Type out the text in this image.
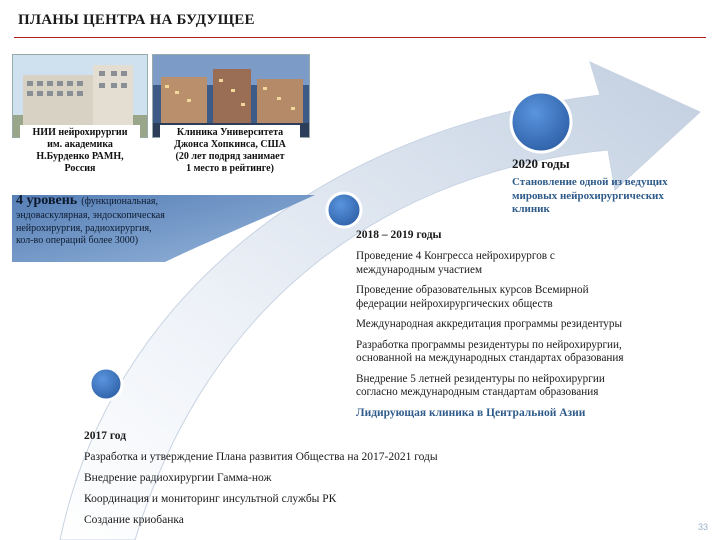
ПЛАНЫ ЦЕНТРА НА БУДУЩЕЕ
НИИ нейрохирургии
им. академика
Н.Бурденко РАМН,
Россия
Клиника Университета
Джонса Хопкинса, США
(20 лет подряд занимает
1 место в рейтинге)
4 уровень (функциональная,
эндоваскулярная, эндоскопическая
нейрохирургия, радиохирургия,
кол-во операций более 3000)
2020 годы
Становление одной из ведущих
мировых нейрохирургических
клиник
2018 – 2019 годы
Проведение 4 Конгресса нейрохирургов с
международным участием
Проведение образовательных курсов Всемирной
федерации нейрохирургических обществ
Международная аккредитация программы резидентуры
Разработка программы резидентуры по нейрохирургии,
основанной на международных стандартах образования
Внедрение 5 летней резидентуры по нейрохирургии
согласно международным стандартам образования
Лидирующая клиника в Центральной Азии
2017 год
Разработка и утверждение Плана развития Общества на 2017-2021 годы
Внедрение радиохирургии Гамма-нож
Координация и мониторинг инсультной службы РК
Создание криобанка
33
